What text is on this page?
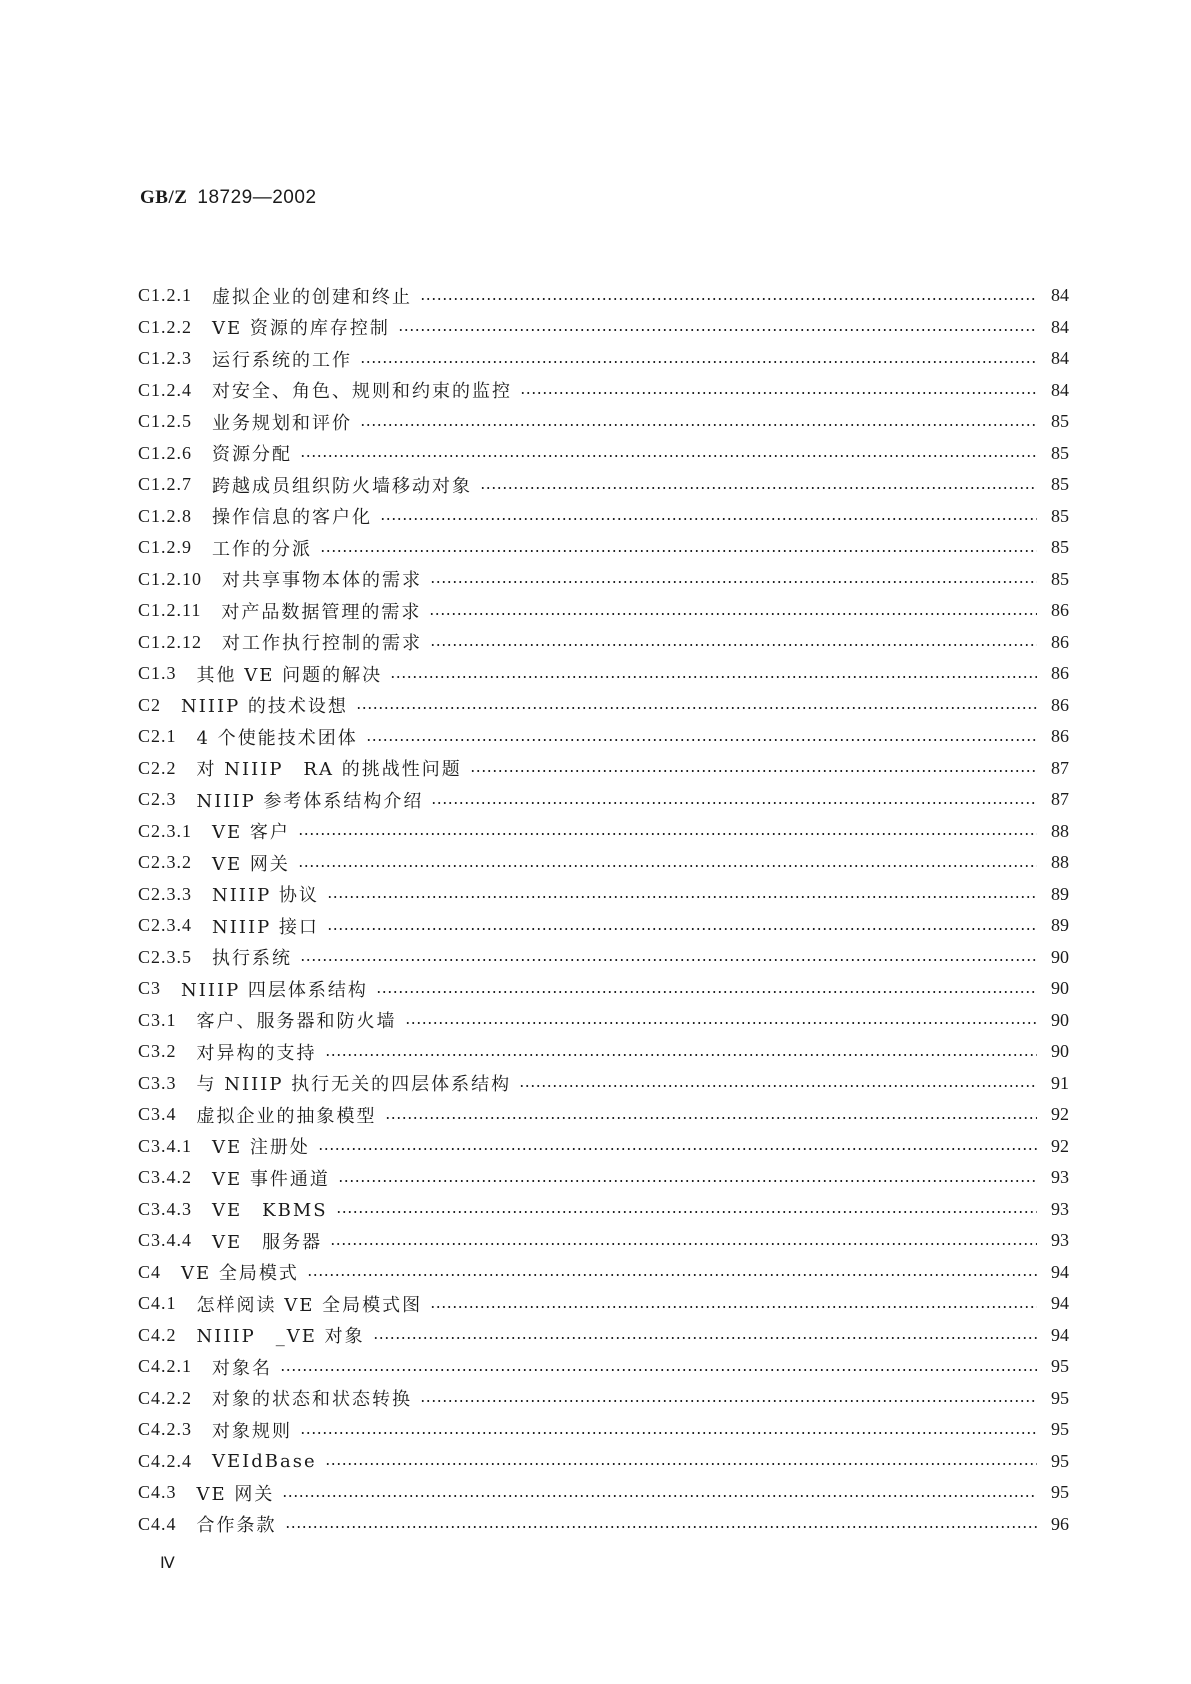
GB/Z 18729—2002
C1.2.1 虚拟企业的创建和终止	84
C1.2.2 VE 资源的库存控制	84
C1.2.3 运行系统的工作	84
C1.2.4 对安全、角色、规则和约束的监控	84
C1.2.5 业务规划和评价	85
C1.2.6 资源分配	85
C1.2.7 跨越成员组织防火墙移动对象	85
C1.2.8 操作信息的客户化	85
C1.2.9 工作的分派	85
C1.2.10 对共享事物本体的需求	85
C1.2.11 对产品数据管理的需求	86
C1.2.12 对工作执行控制的需求	86
C1.3 其他 VE 问题的解决	86
C2 NIIIP 的技术设想	86
C2.1 4 个使能技术团体	86
C2.2 对 NIIIP　RA 的挑战性问题	87
C2.3 NIIIP 参考体系结构介绍	87
C2.3.1 VE 客户	88
C2.3.2 VE 网关	88
C2.3.3 NIIIP 协议	89
C2.3.4 NIIIP 接口	89
C2.3.5 执行系统	90
C3 NIIIP 四层体系结构	90
C3.1 客户、服务器和防火墙	90
C3.2 对异构的支持	90
C3.3 与 NIIIP 执行无关的四层体系结构	91
C3.4 虚拟企业的抽象模型	92
C3.4.1 VE 注册处	92
C3.4.2 VE 事件通道	93
C3.4.3 VE　KBMS	93
C3.4.4 VE　服务器	93
C4 VE 全局模式	94
C4.1 怎样阅读 VE 全局模式图	94
C4.2 NIIIP　_VE 对象	94
C4.2.1 对象名	95
C4.2.2 对象的状态和状态转换	95
C4.2.3 对象规则	95
C4.2.4 VEIdBase	95
C4.3 VE 网关	95
C4.4 合作条款	96
Ⅳ
